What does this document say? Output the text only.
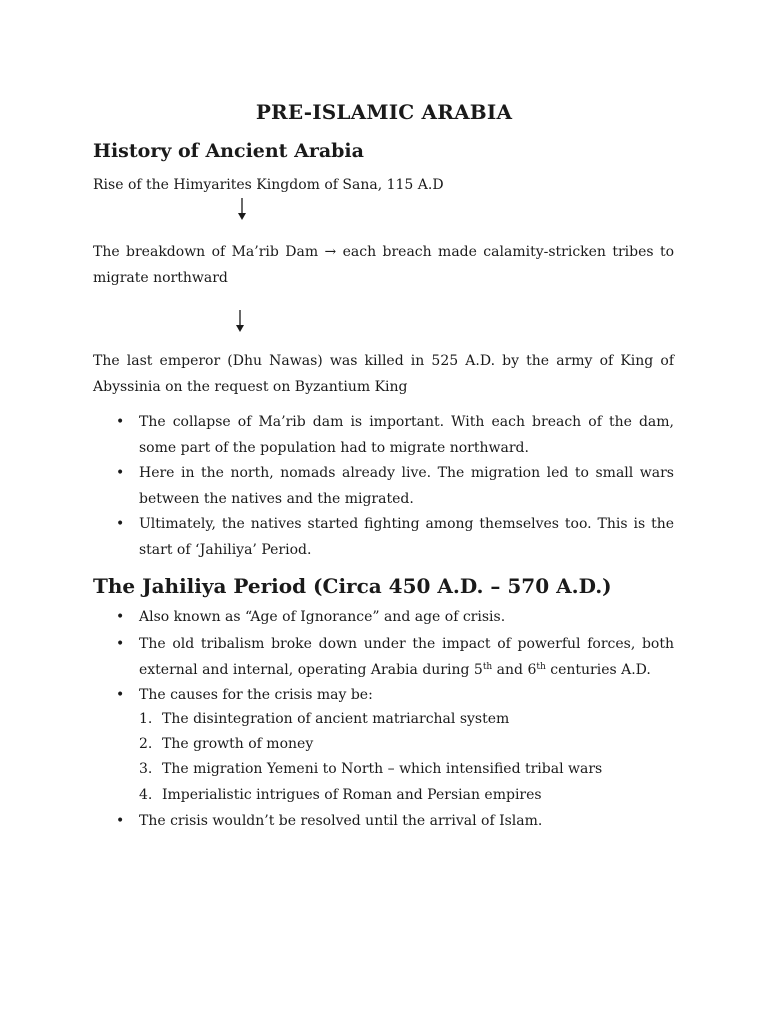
PRE-ISLAMIC ARABIA
History of Ancient Arabia
Rise of the Himyarites Kingdom of Sana, 115 A.D
The breakdown of Ma’rib Dam → each breach made calamity-stricken tribes to migrate northward
The last emperor (Dhu Nawas) was killed in 525 A.D. by the army of King of Abyssinia on the request on Byzantium King
• The collapse of Ma’rib dam is important. With each breach of the dam, some part of the population had to migrate northward.
• Here in the north, nomads already live. The migration led to small wars between the natives and the migrated.
• Ultimately, the natives started fighting among themselves too. This is the start of ‘Jahiliya’ Period.
The Jahiliya Period (Circa 450 A.D. – 570 A.D.)
• Also known as “Age of Ignorance” and age of crisis.
• The old tribalism broke down under the impact of powerful forces, both external and internal, operating Arabia during 5th and 6th centuries A.D.
• The causes for the crisis may be:
1. The disintegration of ancient matriarchal system
2. The growth of money
3. The migration Yemeni to North – which intensified tribal wars
4. Imperialistic intrigues of Roman and Persian empires
• The crisis wouldn’t be resolved until the arrival of Islam.
